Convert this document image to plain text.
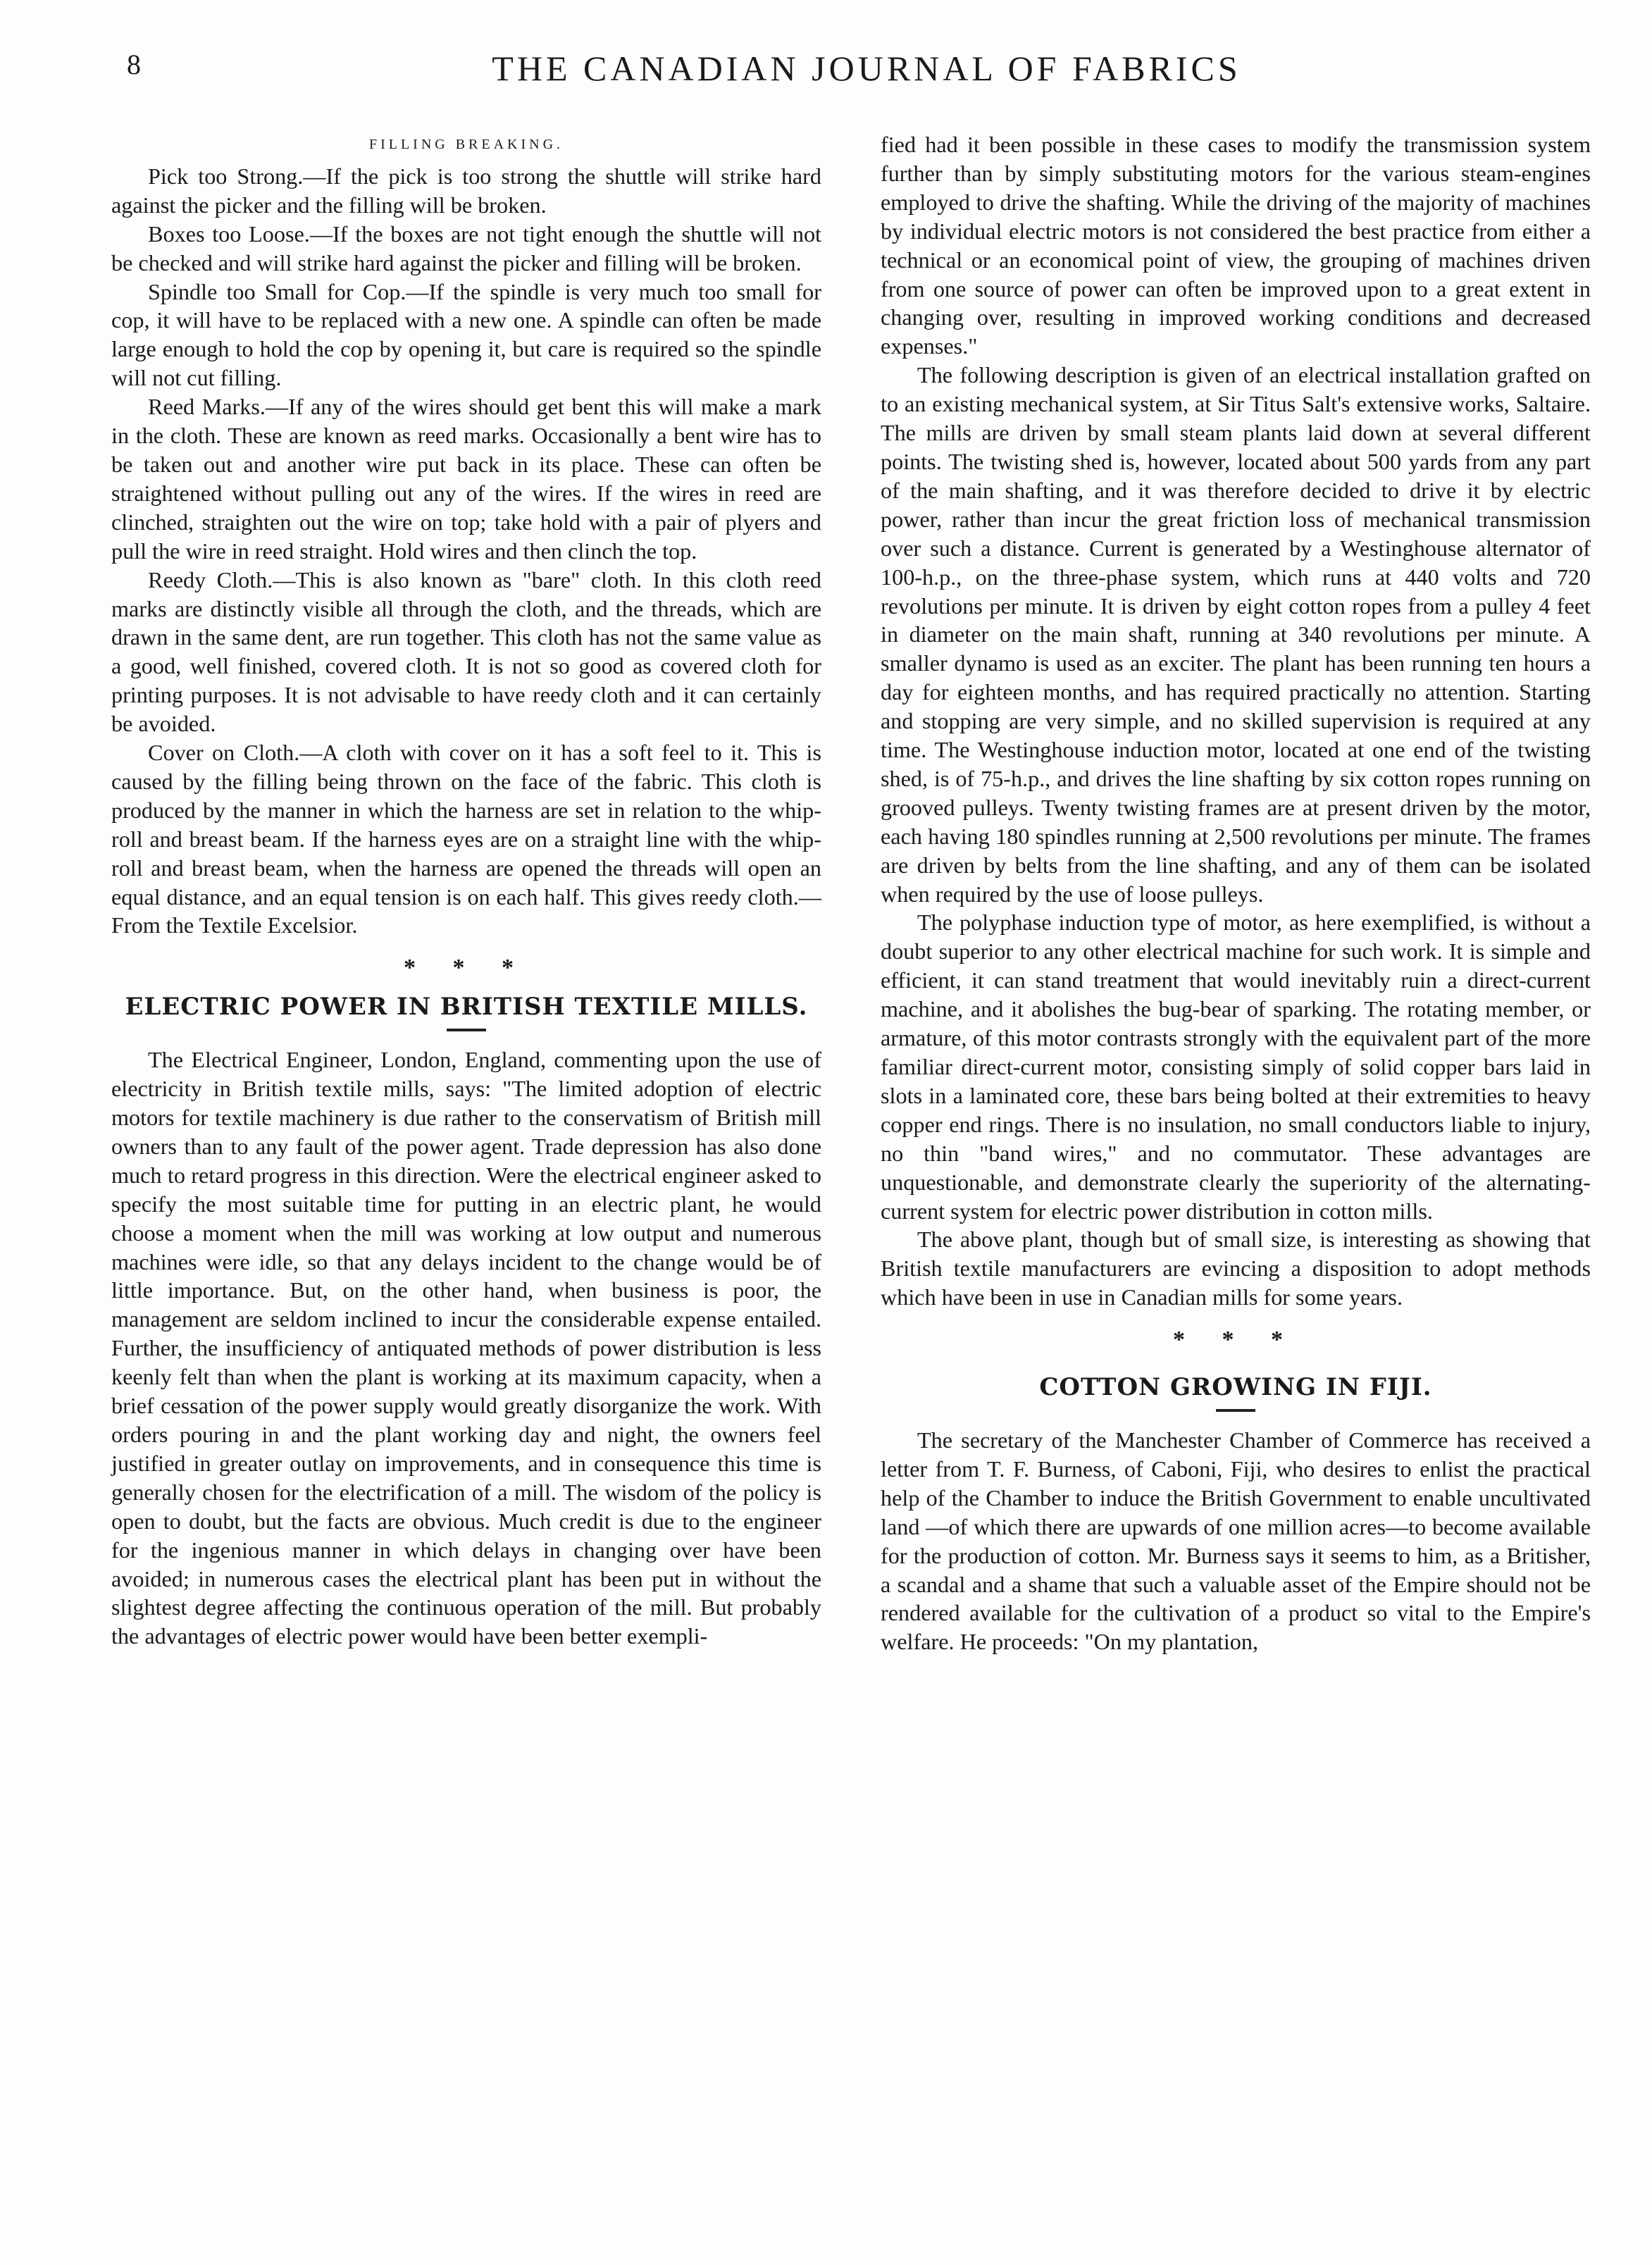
8	THE CANADIAN JOURNAL OF FABRICS
FILLING BREAKING.

Pick too Strong.—If the pick is too strong the shuttle will strike hard against the picker and the filling will be broken.

Boxes too Loose.—If the boxes are not tight enough the shuttle will not be checked and will strike hard against the picker and filling will be broken.

Spindle too Small for Cop.—If the spindle is very much too small for cop, it will have to be replaced with a new one. A spindle can often be made large enough to hold the cop by opening it, but care is required so the spindle will not cut filling.

Reed Marks.—If any of the wires should get bent this will make a mark in the cloth. These are known as reed marks. Occasionally a bent wire has to be taken out and another wire put back in its place. These can often be straightened without pulling out any of the wires. If the wires in reed are clinched, straighten out the wire on top; take hold with a pair of plyers and pull the wire in reed straight. Hold wires and then clinch the top.

Reedy Cloth.—This is also known as "bare" cloth. In this cloth reed marks are distinctly visible all through the cloth, and the threads, which are drawn in the same dent, are run together. This cloth has not the same value as a good, well finished, covered cloth. It is not so good as covered cloth for printing purposes. It is not advisable to have reedy cloth and it can certainly be avoided.

Cover on Cloth.—A cloth with cover on it has a soft feel to it. This is caused by the filling being thrown on the face of the fabric. This cloth is produced by the manner in which the harness are set in relation to the whip-roll and breast beam. If the harness eyes are on a straight line with the whip-roll and breast beam, when the harness are opened the threads will open an equal distance, and an equal tension is on each half. This gives reedy cloth.—From the Textile Excelsior.

* * *
ELECTRIC POWER IN BRITISH TEXTILE MILLS.

The Electrical Engineer, London, England, commenting upon the use of electricity in British textile mills, says: "The limited adoption of electric motors for textile machinery is due rather to the conservatism of British mill owners than to any fault of the power agent. Trade depression has also done much to retard progress in this direction. Were the electrical engineer asked to specify the most suitable time for putting in an electric plant, he would choose a moment when the mill was working at low output and numerous machines were idle, so that any delays incident to the change would be of little importance. But, on the other hand, when business is poor, the management are seldom inclined to incur the considerable expense entailed. Further, the insufficiency of antiquated methods of power distribution is less keenly felt than when the plant is working at its maximum capacity, when a brief cessation of the power supply would greatly disorganize the work. With orders pouring in and the plant working day and night, the owners feel justified in greater outlay on improvements, and in consequence this time is generally chosen for the electrification of a mill. The wisdom of the policy is open to doubt, but the facts are obvious. Much credit is due to the engineer for the ingenious manner in which delays in changing over have been avoided; in numerous cases the electrical plant has been put in without the slightest degree affecting the continuous operation of the mill. But probably the advantages of electric power would have been better exempli-

fied had it been possible in these cases to modify the transmission system further than by simply substituting motors for the various steam-engines employed to drive the shafting. While the driving of the majority of machines by individual electric motors is not considered the best practice from either a technical or an economical point of view, the grouping of machines driven from one source of power can often be improved upon to a great extent in changing over, resulting in improved working conditions and decreased expenses."

The following description is given of an electrical installation grafted on to an existing mechanical system, at Sir Titus Salt's extensive works, Saltaire. The mills are driven by small steam plants laid down at several different points. The twisting shed is, however, located about 500 yards from any part of the main shafting, and it was therefore decided to drive it by electric power, rather than incur the great friction loss of mechanical transmission over such a distance. Current is generated by a Westinghouse alternator of 100-h.p., on the three-phase system, which runs at 440 volts and 720 revolutions per minute. It is driven by eight cotton ropes from a pulley 4 feet in diameter on the main shaft, running at 340 revolutions per minute. A smaller dynamo is used as an exciter. The plant has been running ten hours a day for eighteen months, and has required practically no attention. Starting and stopping are very simple, and no skilled supervision is required at any time. The Westinghouse induction motor, located at one end of the twisting shed, is of 75-h.p., and drives the line shafting by six cotton ropes running on grooved pulleys. Twenty twisting frames are at present driven by the motor, each having 180 spindles running at 2,500 revolutions per minute. The frames are driven by belts from the line shafting, and any of them can be isolated when required by the use of loose pulleys.

The polyphase induction type of motor, as here exemplified, is without a doubt superior to any other electrical machine for such work. It is simple and efficient, it can stand treatment that would inevitably ruin a direct-current machine, and it abolishes the bug-bear of sparking. The rotating member, or armature, of this motor contrasts strongly with the equivalent part of the more familiar direct-current motor, consisting simply of solid copper bars laid in slots in a laminated core, these bars being bolted at their extremities to heavy copper end rings. There is no insulation, no small conductors liable to injury, no thin "band wires," and no commutator. These advantages are unquestionable, and demonstrate clearly the superiority of the alternating-current system for electric power distribution in cotton mills.

The above plant, though but of small size, is interesting as showing that British textile manufacturers are evincing a disposition to adopt methods which have been in use in Canadian mills for some years.

* * *
COTTON GROWING IN FIJI.

The secretary of the Manchester Chamber of Commerce has received a letter from T. F. Burness, of Caboni, Fiji, who desires to enlist the practical help of the Chamber to induce the British Government to enable uncultivated land —of which there are upwards of one million acres—to become available for the production of cotton. Mr. Burness says it seems to him, as a Britisher, a scandal and a shame that such a valuable asset of the Empire should not be rendered available for the cultivation of a product so vital to the Empire's welfare. He proceeds: "On my plantation,
